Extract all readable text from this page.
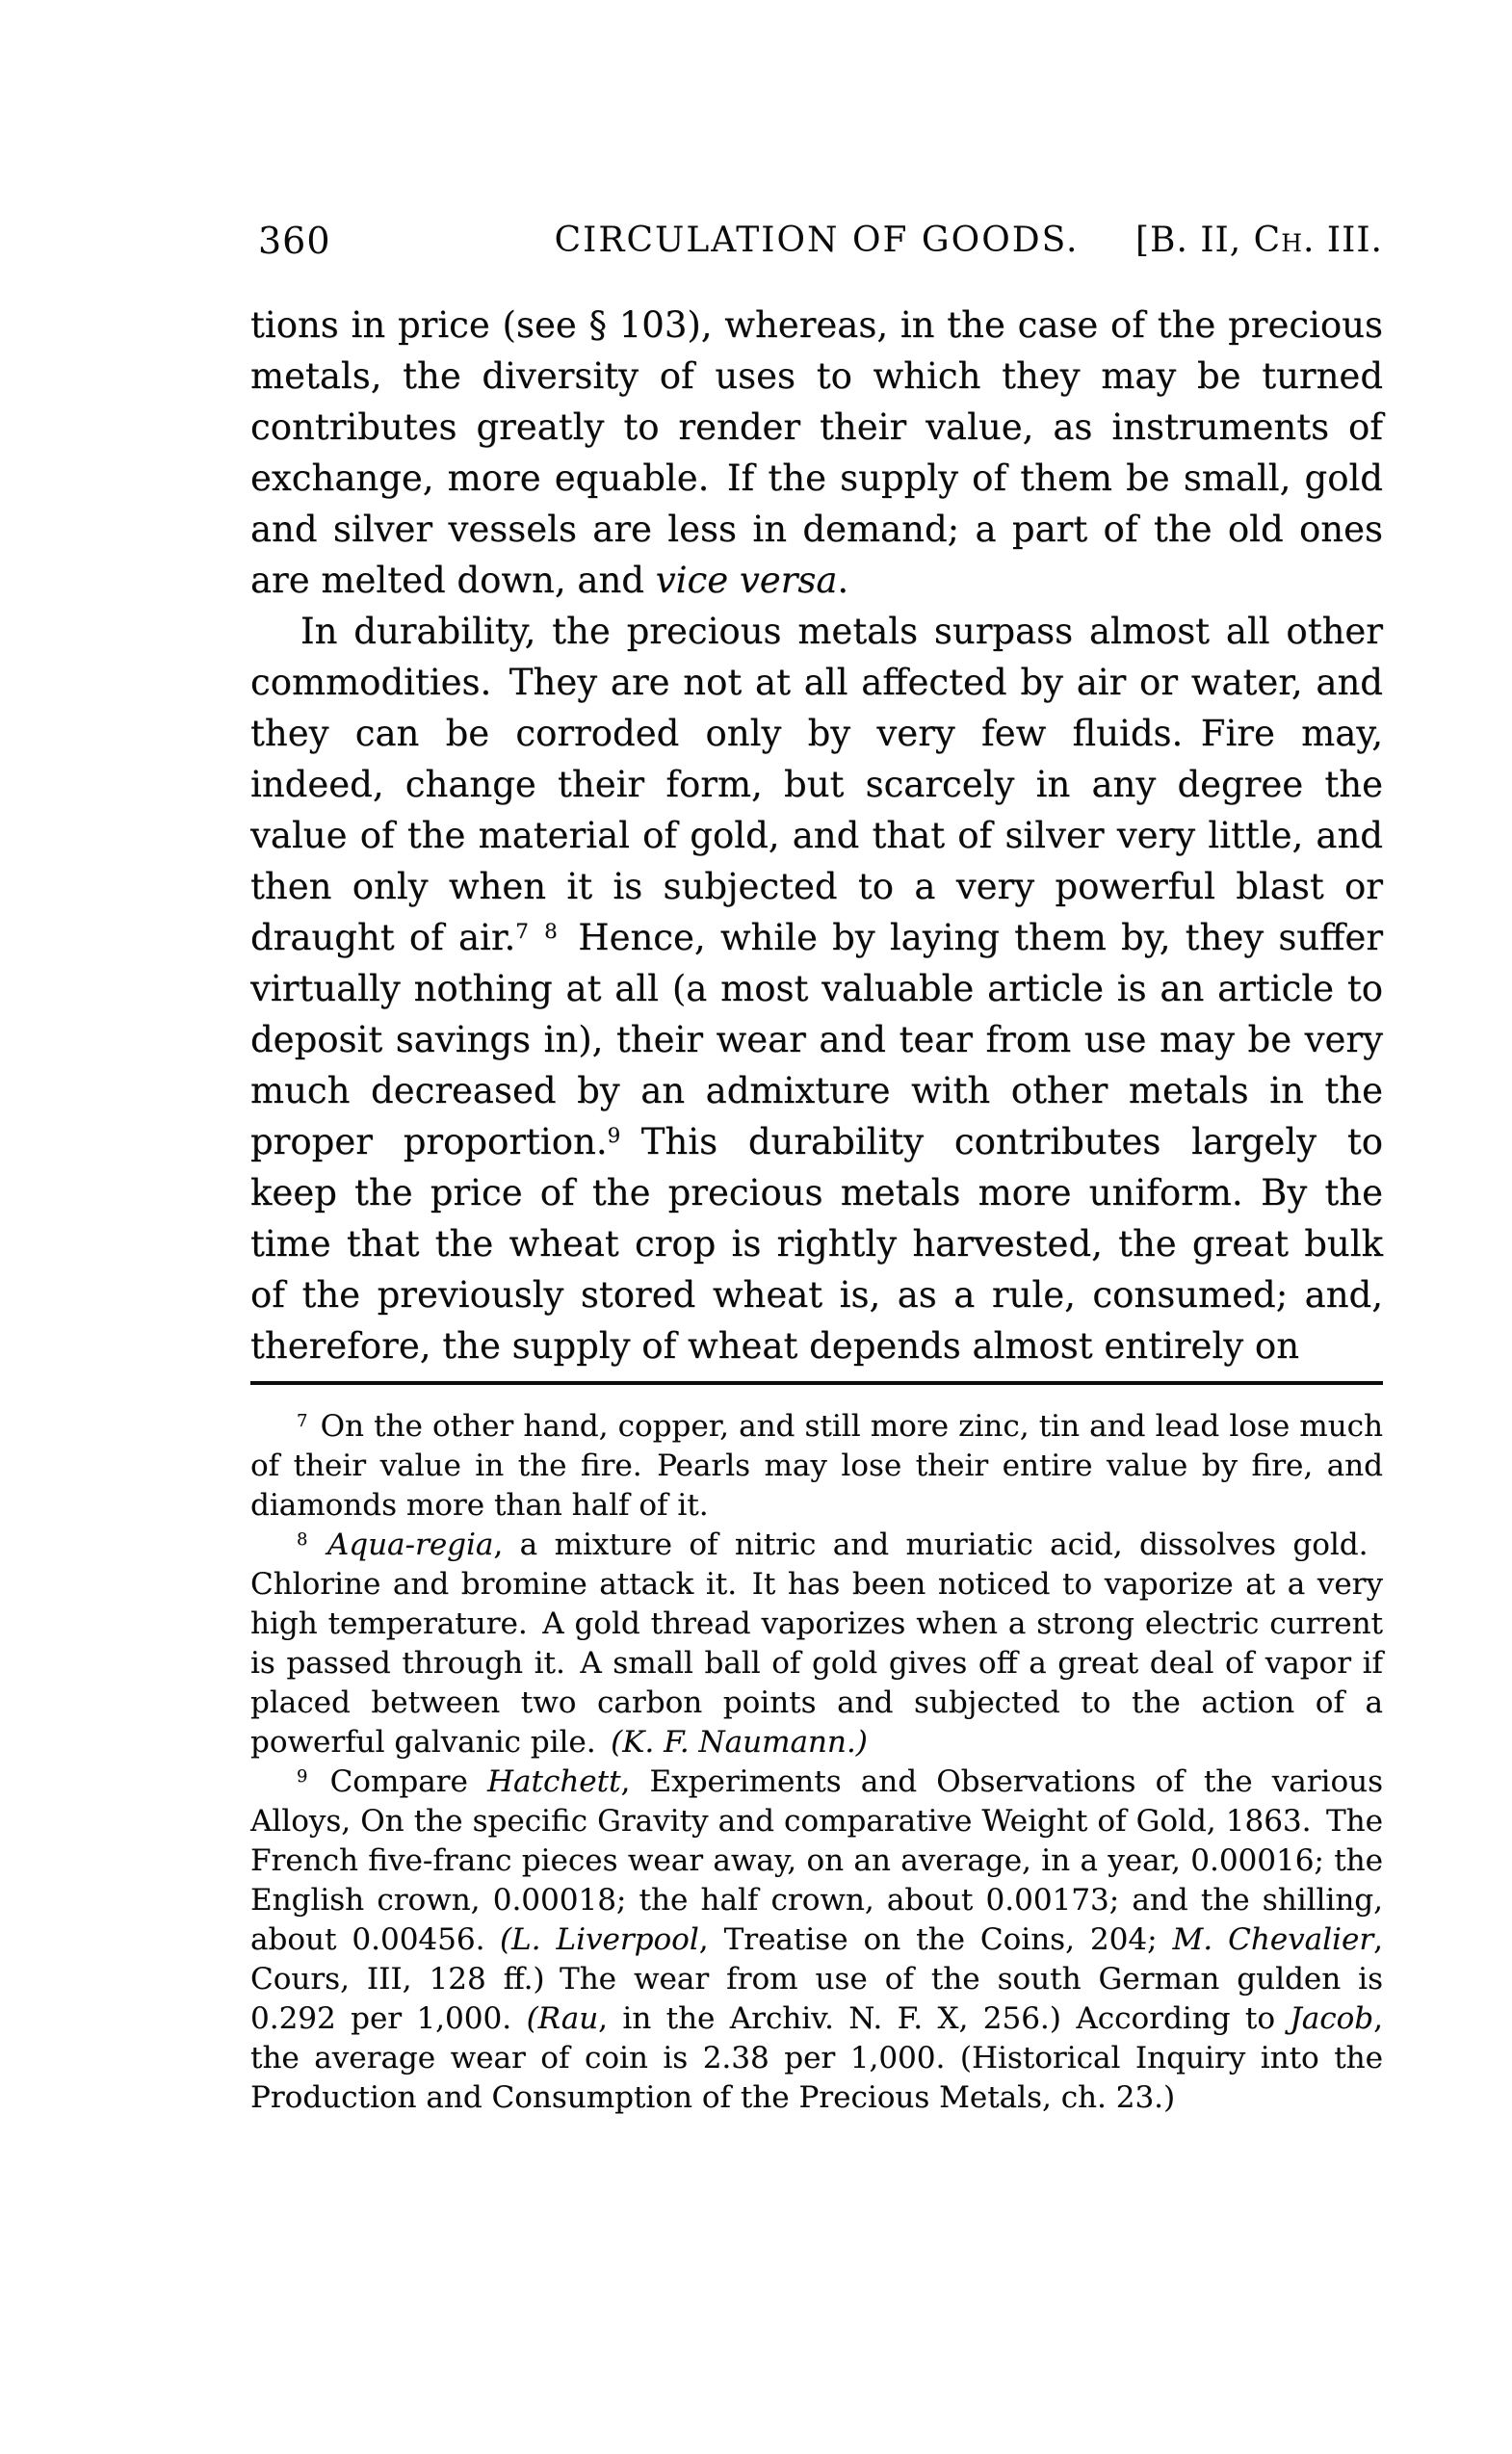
360	CIRCULATION OF GOODS. [B. II, Ch. III.

tions in price (see § 103), whereas, in the case of the precious metals, the diversity of uses to which they may be turned contributes greatly to render their value, as instruments of exchange, more equable. If the supply of them be small, gold and silver vessels are less in demand; a part of the old ones are melted down, and vice versa.

In durability, the precious metals surpass almost all other commodities. They are not at all affected by air or water, and they can be corroded only by very few fluids. Fire may, indeed, change their form, but scarcely in any degree the value of the material of gold, and that of silver very little, and then only when it is subjected to a very powerful blast or draught of air.$^{7 8}$ Hence, while by laying them by, they suffer virtually nothing at all (a most valuable article is an article to deposit savings in), their wear and tear from use may be very much decreased by an admixture with other metals in the proper proportion.$^9$ This durability contributes largely to keep the price of the precious metals more uniform. By the time that the wheat crop is rightly harvested, the great bulk of the previously stored wheat is, as a rule, consumed; and, therefore, the supply of wheat depends almost entirely on

$^7$ On the other hand, copper, and still more zinc, tin and lead lose much of their value in the fire. Pearls may lose their entire value by fire, and diamonds more than half of it.

$^8$ Aqua-regia, a mixture of nitric and muriatic acid, dissolves gold. Chlorine and bromine attack it. It has been noticed to vaporize at a very high temperature. A gold thread vaporizes when a strong electric current is passed through it. A small ball of gold gives off a great deal of vapor if placed between two carbon points and subjected to the action of a powerful galvanic pile. (K. F. Naumann.)

$^9$ Compare Hatchett, Experiments and Observations of the various Alloys, On the specific Gravity and comparative Weight of Gold, 1863. The French five-franc pieces wear away, on an average, in a year, 0.00016; the English crown, 0.00018; the half crown, about 0.00173; and the shilling, about 0.00456. (L. Liverpool, Treatise on the Coins, 204; M. Chevalier, Cours, III, 128 ff.) The wear from use of the south German gulden is 0.292 per 1,000. (Rau, in the Archiv. N. F. X, 256.) According to Jacob, the average wear of coin is 2.38 per 1,000. (Historical Inquiry into the Production and Consumption of the Precious Metals, ch. 23.)
